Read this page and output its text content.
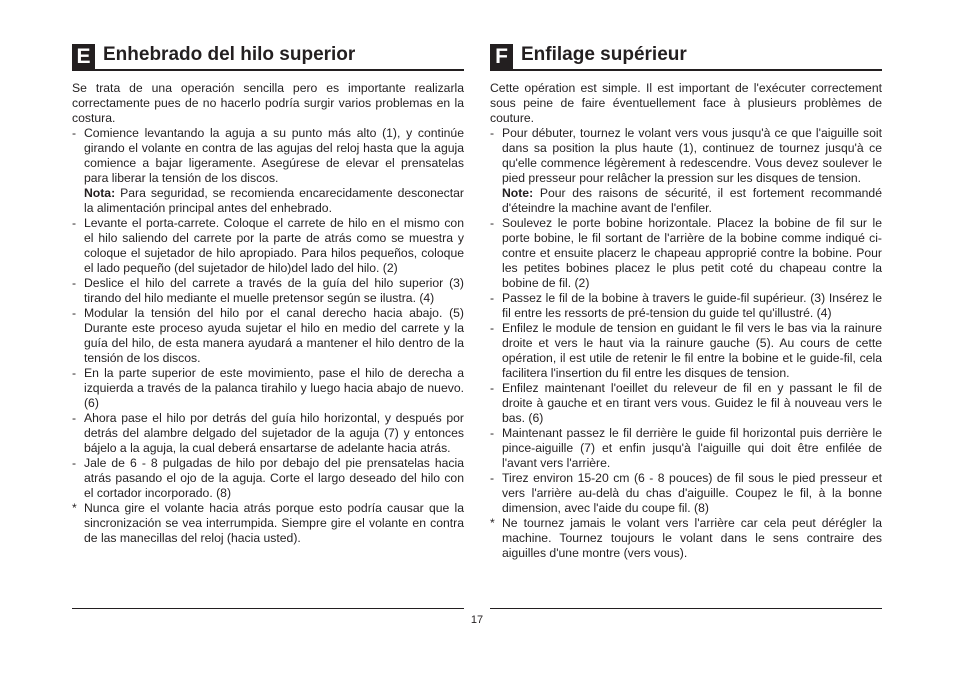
E Enhebrado del hilo superior

Se trata de una operación sencilla pero es importante realizarla correctamente pues de no hacerlo podría surgir varios problemas en la costura.

- Comience levantando la aguja a su punto más alto (1), y continúe girando el volante en contra de las agujas del reloj hasta que la aguja comience a bajar ligeramente. Asegúrese de elevar el prensatelas para liberar la tensión de los discos.

Nota: Para seguridad, se recomienda encarecidamente desconectar la alimentación principal antes del enhebrado.

- Levante el porta-carrete. Coloque el carrete de hilo en el mismo con el hilo saliendo del carrete por la parte de atrás como se muestra y coloque el sujetador de hilo apropiado. Para hilos pequeños, coloque el lado pequeño (del sujetador de hilo)del lado del hilo. (2)

- Deslice el hilo del carrete a través de la guía del hilo superior (3) tirando del hilo mediante el muelle pretensor según se ilustra. (4)

- Modular la tensión del hilo por el canal derecho hacia abajo. (5) Durante este proceso ayuda sujetar el hilo en medio del carrete y la guía del hilo, de esta manera ayudará a mantener el hilo dentro de la tensión de los discos.

- En la parte superior de este movimiento, pase el hilo de derecha a izquierda a través de la palanca tirahilo y luego hacia abajo de nuevo. (6)

- Ahora pase el hilo por detrás del guía hilo horizontal, y después por detrás del alambre delgado del sujetador de la aguja (7) y entonces bájelo a la aguja, la cual deberá ensartarse de adelante hacia atrás.

- Jale de 6 - 8 pulgadas de hilo por debajo del pie prensatelas hacia atrás pasando el ojo de la aguja. Corte el largo deseado del hilo con el cortador incorporado. (8)

* Nunca gire el volante hacia atrás porque esto podría causar que la sincronización se vea interrumpida. Siempre gire el volante en contra de las manecillas del reloj (hacia usted).

F Enfilage supérieur

Cette opération est simple. Il est important de l'exécuter correctement sous peine de faire éventuellement face à plusieurs problèmes de couture.

- Pour débuter, tournez le volant vers vous jusqu'à ce que l'aiguille soit dans sa position la plus haute (1), continuez de tournez jusqu'à ce qu'elle commence légèrement à redescendre. Vous devez soulever le pied presseur pour relâcher la pression sur les disques de tension.

Note: Pour des raisons de sécurité, il est fortement recommandé d'éteindre la machine avant de l'enfiler.

- Soulevez le porte bobine horizontale. Placez la bobine de fil sur le porte bobine, le fil sortant de l'arrière de la bobine comme indiqué ci-contre et ensuite placerz le chapeau approprié contre la bobine. Pour les petites bobines placez le plus petit coté du chapeau contre la bobine de fil. (2)

- Passez le fil de la bobine à travers le guide-fil supérieur. (3) Insérez le fil entre les ressorts de pré-tension du guide tel qu'illustré. (4)

- Enfilez le module de tension en guidant le fil vers le bas via la rainure droite et vers le haut via la rainure gauche (5). Au cours de cette opération, il est utile de retenir le fil entre la bobine et le guide-fil, cela facilitera l'insertion du fil entre les disques de tension.

- Enfilez maintenant l'oeillet du releveur de fil en y passant le fil de droite à gauche et en tirant vers vous. Guidez le fil à nouveau vers le bas. (6)

- Maintenant passez le fil derrière le guide fil horizontal puis derrière le pince-aiguille (7) et enfin jusqu'à l'aiguille qui doit être enfilée de l'avant vers l'arrière.

- Tirez environ 15-20 cm (6 - 8 pouces) de fil sous le pied presseur et vers l'arrière au-delà du chas d'aiguille. Coupez le fil, à la bonne dimension, avec l'aide du coupe fil. (8)

* Ne tournez jamais le volant vers l'arrière car cela peut dérégler la machine. Tournez toujours le volant dans le sens contraire des aiguilles d'une montre (vers vous).

17
